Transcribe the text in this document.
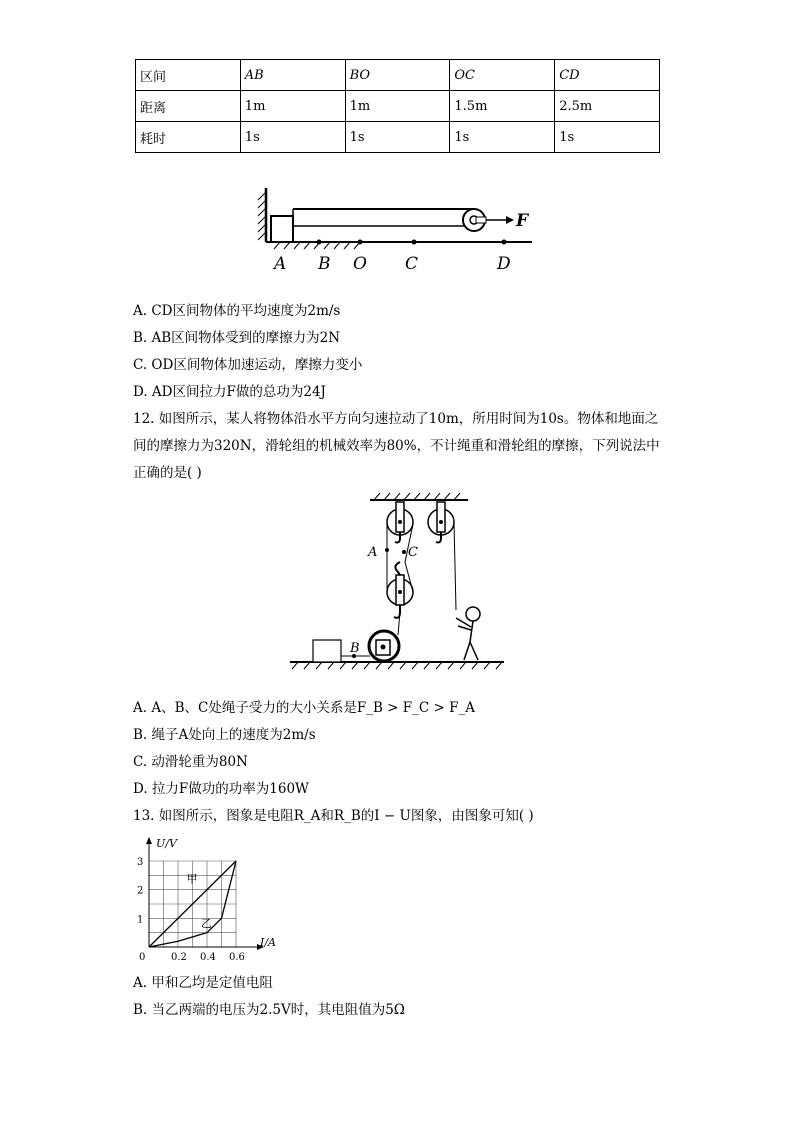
区间	AB	BO	OC	CD
距离	1m	1m	1.5m	2.5m
耗时	1s	1s	1s	1s
F
A B O C	D
A. CD区间物体的平均速度为2m/s
B. AB区间物体受到的摩擦力为2N
C. OD区间物体加速运动，摩擦力变小
D. AD区间拉力F做的总功为24J
12. 如图所示，某人将物体沿水平方向匀速拉动了10m，所用时间为10s。物体和地面之间的摩擦力为320N，滑轮组的机械效率为80%，不计绳重和滑轮组的摩擦，下列说法中正确的是( )
A C
B
A. A、B、C处绳子受力的大小关系是F_B > F_C > F_A
B. 绳子A处向上的速度为2m/s
C. 动滑轮重为80N
D. 拉力F做功的功率为160W
13. 如图所示，图象是电阻R_A和R_B的I − U图象，由图象可知( )
I/A
U/V
0	0.2 0.4 0.6
1
2
3
甲
乙
A. 甲和乙均是定值电阻
B. 当乙两端的电压为2.5V时，其电阻值为5Ω
